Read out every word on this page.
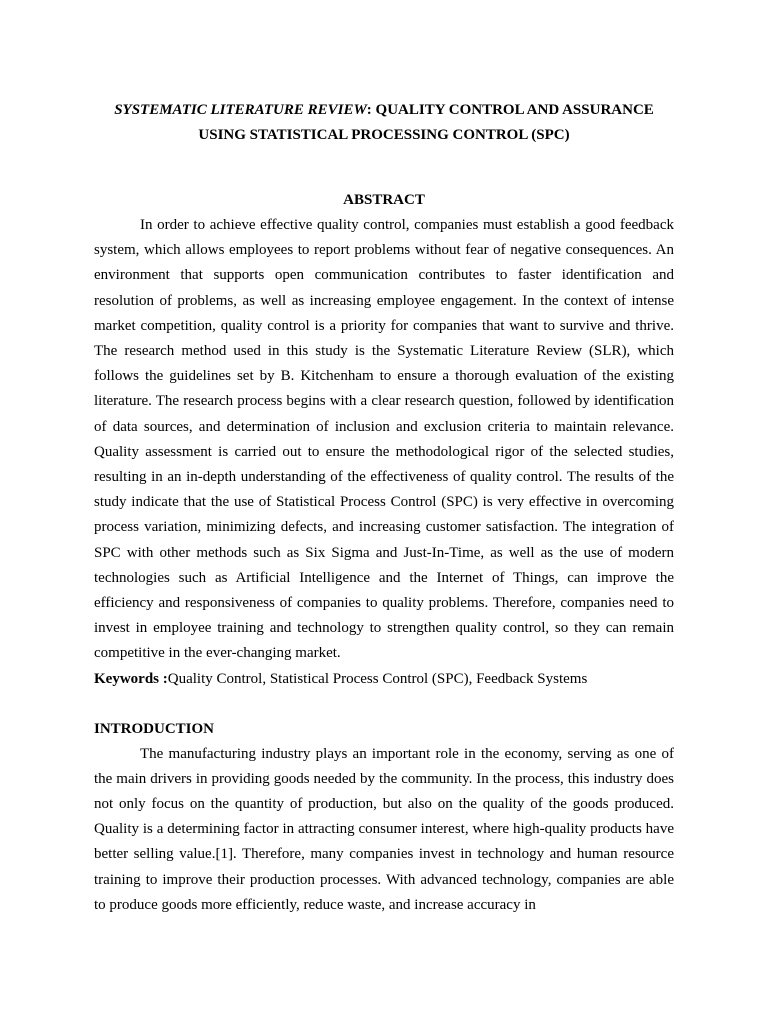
SYSTEMATIC LITERATURE REVIEW: QUALITY CONTROL AND ASSURANCE

USING STATISTICAL PROCESSING CONTROL (SPC)

ABSTRACT

In order to achieve effective quality control, companies must establish a good feedback system, which allows employees to report problems without fear of negative consequences. An environment that supports open communication contributes to faster identification and resolution of problems, as well as increasing employee engagement. In the context of intense market competition, quality control is a priority for companies that want to survive and thrive. The research method used in this study is the Systematic Literature Review (SLR), which follows the guidelines set by B. Kitchenham to ensure a thorough evaluation of the existing literature. The research process begins with a clear research question, followed by identification of data sources, and determination of inclusion and exclusion criteria to maintain relevance. Quality assessment is carried out to ensure the methodological rigor of the selected studies, resulting in an in-depth understanding of the effectiveness of quality control. The results of the study indicate that the use of Statistical Process Control (SPC) is very effective in overcoming process variation, minimizing defects, and increasing customer satisfaction. The integration of SPC with other methods such as Six Sigma and Just-In-Time, as well as the use of modern technologies such as Artificial Intelligence and the Internet of Things, can improve the efficiency and responsiveness of companies to quality problems. Therefore, companies need to invest in employee training and technology to strengthen quality control, so they can remain competitive in the ever-changing market.

Keywords :Quality Control, Statistical Process Control (SPC), Feedback Systems

INTRODUCTION

The manufacturing industry plays an important role in the economy, serving as one of the main drivers in providing goods needed by the community. In the process, this industry does not only focus on the quantity of production, but also on the quality of the goods produced. Quality is a determining factor in attracting consumer interest, where high-quality products have better selling value.[1]. Therefore, many companies invest in technology and human resource training to improve their production processes. With advanced technology, companies are able to produce goods more efficiently, reduce waste, and increase accuracy in
